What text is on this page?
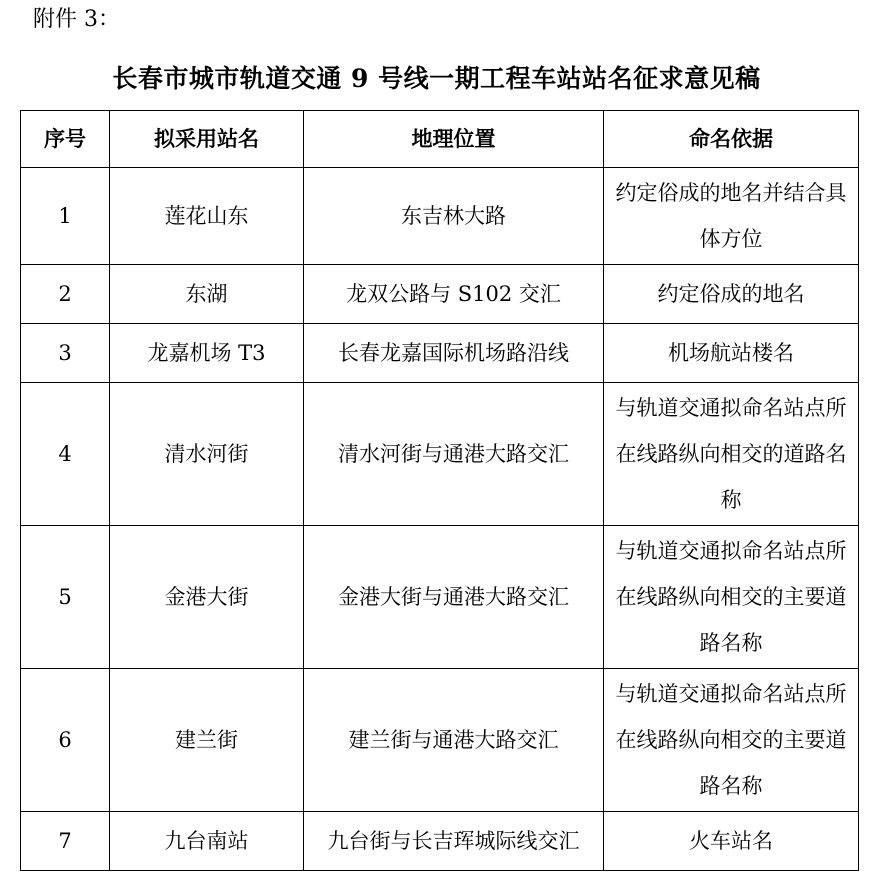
附件 3：
长春市城市轨道交通 9 号线一期工程车站站名征求意见稿
序号	拟采用站名	地理位置	命名依据
1	莲花山东	东吉林大路	约定俗成的地名并结合具体方位
2	东湖	龙双公路与 S102 交汇	约定俗成的地名
3	龙嘉机场 T3	长春龙嘉国际机场路沿线	机场航站楼名
4	清水河街	清水河街与通港大路交汇	与轨道交通拟命名站点所在线路纵向相交的道路名称
5	金港大街	金港大街与通港大路交汇	与轨道交通拟命名站点所在线路纵向相交的主要道路名称
6	建兰街	建兰街与通港大路交汇	与轨道交通拟命名站点所在线路纵向相交的主要道路名称
7	九台南站	九台街与长吉珲城际线交汇	火车站名
